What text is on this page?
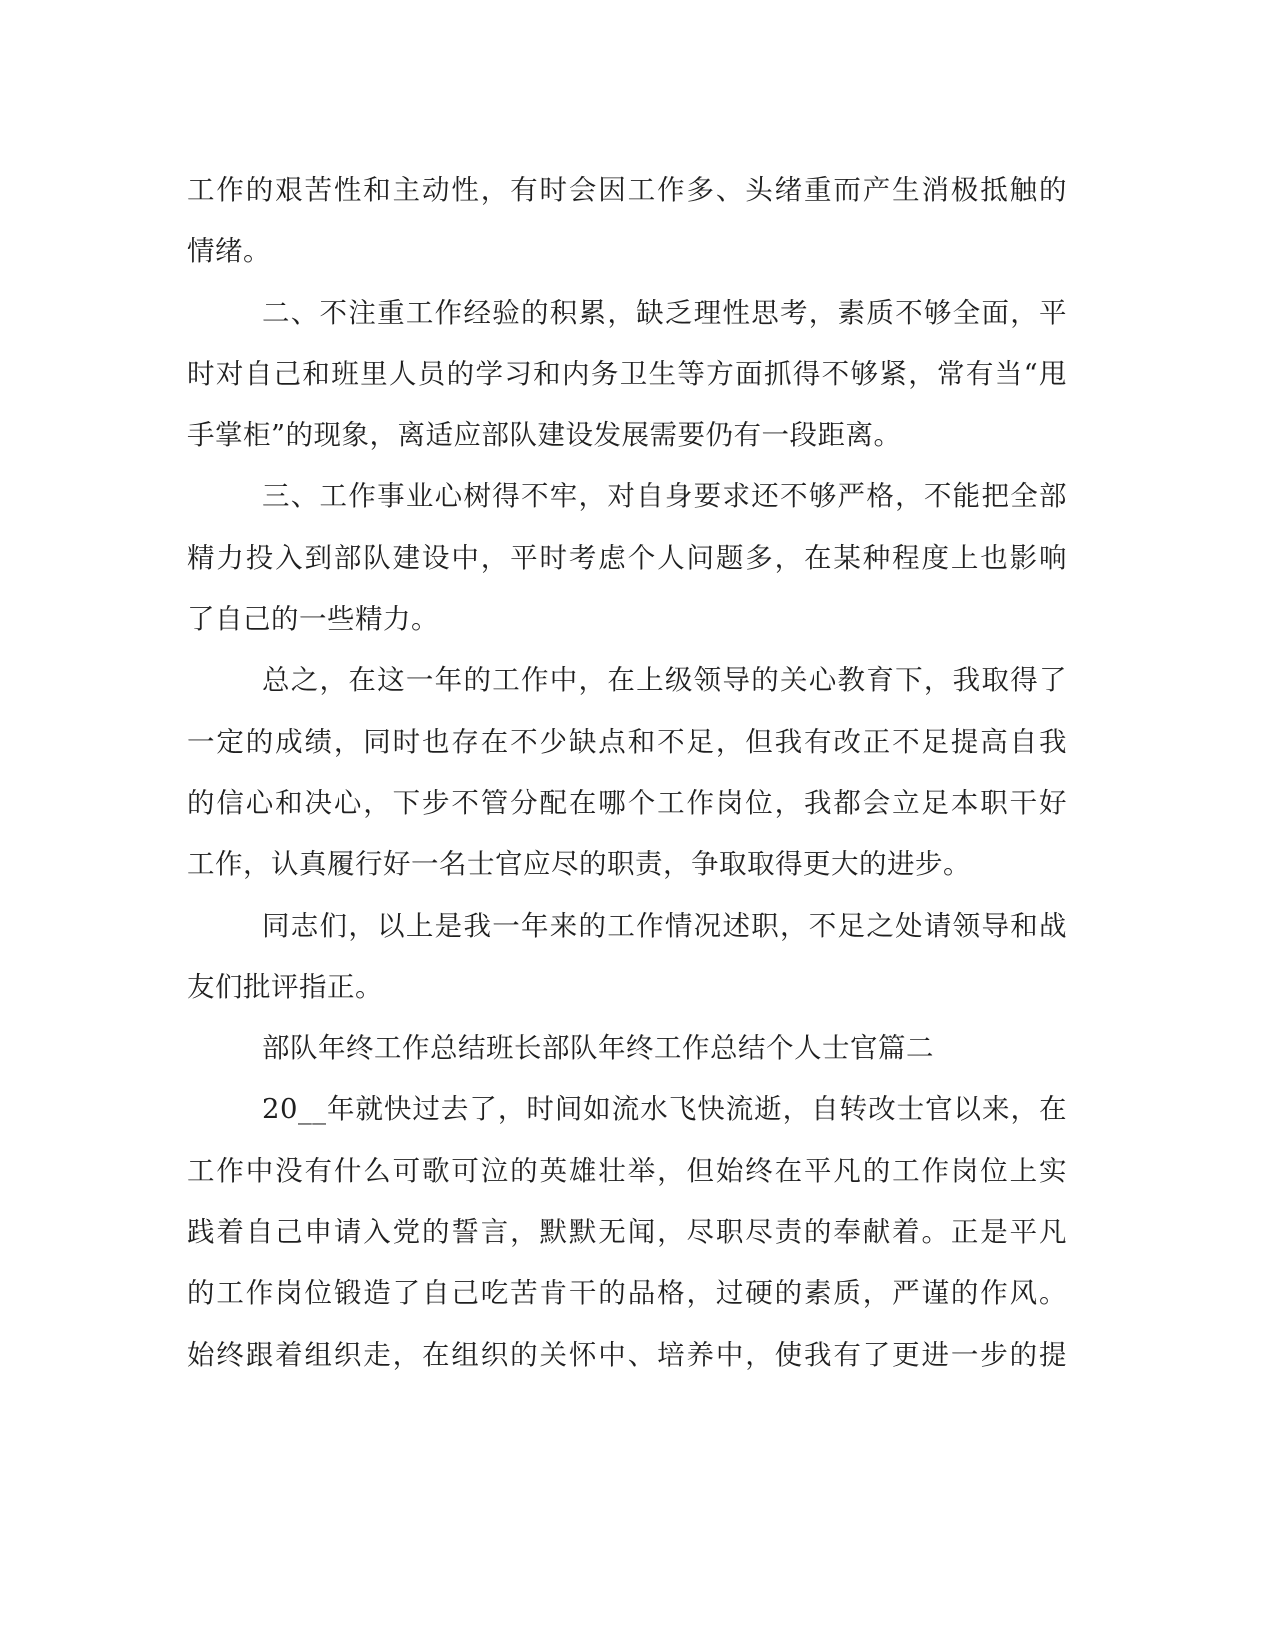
工作的艰苦性和主动性，有时会因工作多、头绪重而产生消极抵触的
情绪。
二、不注重工作经验的积累，缺乏理性思考，素质不够全面，平
时对自己和班里人员的学习和内务卫生等方面抓得不够紧，常有当“甩
手掌柜”的现象，离适应部队建设发展需要仍有一段距离。
三、工作事业心树得不牢，对自身要求还不够严格，不能把全部
精力投入到部队建设中，平时考虑个人问题多，在某种程度上也影响
了自己的一些精力。
总之，在这一年的工作中，在上级领导的关心教育下，我取得了
一定的成绩，同时也存在不少缺点和不足，但我有改正不足提高自我
的信心和决心，下步不管分配在哪个工作岗位，我都会立足本职干好
工作，认真履行好一名士官应尽的职责，争取取得更大的进步。
同志们，以上是我一年来的工作情况述职，不足之处请领导和战
友们批评指正。
部队年终工作总结班长部队年终工作总结个人士官篇二
20__年就快过去了，时间如流水飞快流逝，自转改士官以来，在
工作中没有什么可歌可泣的英雄壮举，但始终在平凡的工作岗位上实
践着自己申请入党的誓言，默默无闻，尽职尽责的奉献着。正是平凡
的工作岗位锻造了自己吃苦肯干的品格，过硬的素质，严谨的作风。
始终跟着组织走，在组织的关怀中、培养中，使我有了更进一步的提
